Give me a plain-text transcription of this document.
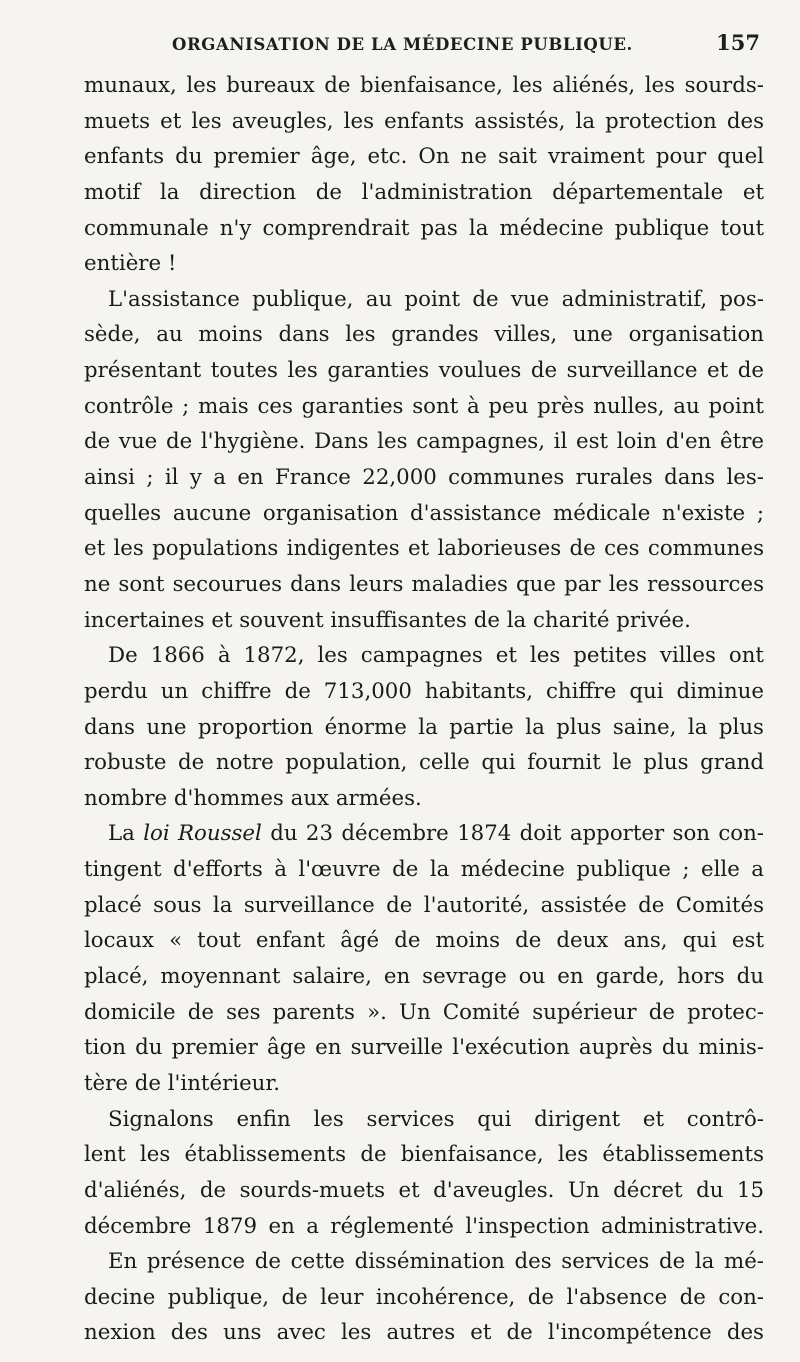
ORGANISATION DE LA MÉDECINE PUBLIQUE.	157
munaux, les bureaux de bienfaisance, les aliénés, les sourds-
muets et les aveugles, les enfants assistés, la protection des
enfants du premier âge, etc. On ne sait vraiment pour quel
motif la direction de l'administration départementale et
communale n'y comprendrait pas la médecine publique tout
entière !
L'assistance publique, au point de vue administratif, pos-
sède, au moins dans les grandes villes, une organisation
présentant toutes les garanties voulues de surveillance et de
contrôle ; mais ces garanties sont à peu près nulles, au point
de vue de l'hygiène. Dans les campagnes, il est loin d'en être
ainsi ; il y a en France 22,000 communes rurales dans les-
quelles aucune organisation d'assistance médicale n'existe ;
et les populations indigentes et laborieuses de ces communes
ne sont secourues dans leurs maladies que par les ressources
incertaines et souvent insuffisantes de la charité privée.
De 1866 à 1872, les campagnes et les petites villes ont
perdu un chiffre de 713,000 habitants, chiffre qui diminue
dans une proportion énorme la partie la plus saine, la plus
robuste de notre population, celle qui fournit le plus grand
nombre d'hommes aux armées.
La loi Roussel du 23 décembre 1874 doit apporter son con-
tingent d'efforts à l'œuvre de la médecine publique ; elle a
placé sous la surveillance de l'autorité, assistée de Comités
locaux « tout enfant âgé de moins de deux ans, qui est
placé, moyennant salaire, en sevrage ou en garde, hors du
domicile de ses parents ». Un Comité supérieur de protec-
tion du premier âge en surveille l'exécution auprès du minis-
tère de l'intérieur.
Signalons enfin les services qui dirigent et contrô-
lent les établissements de bienfaisance, les établissements
d'aliénés, de sourds-muets et d'aveugles. Un décret du 15
décembre 1879 en a réglementé l'inspection administrative.
En présence de cette dissémination des services de la mé-
decine publique, de leur incohérence, de l'absence de con-
nexion des uns avec les autres et de l'incompétence des
